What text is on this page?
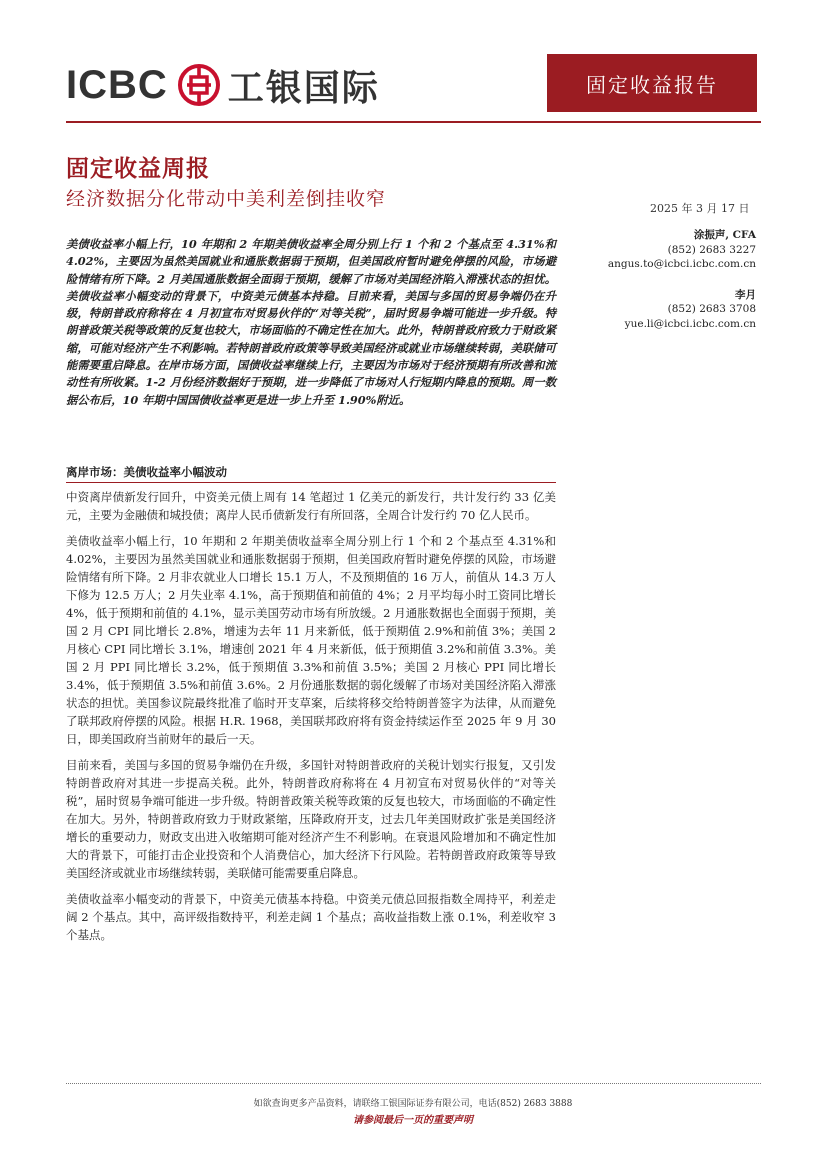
ICBC 工银国际	固定收益报告
固定收益周报
经济数据分化带动中美利差倒挂收窄	2025 年 3 月 17 日
美债收益率小幅上行，10 年期和 2 年期美债收益率全周分别上行 1 个和 2 个基点至 4.31%和 4.02%，主要因为虽然美国就业和通胀数据弱于预期，但美国政府暂时避免停摆的风险，市场避险情绪有所下降。2 月美国通胀数据全面弱于预期，缓解了市场对美国经济陷入滞涨状态的担忧。美债收益率小幅变动的背景下，中资美元债基本持稳。目前来看，美国与多国的贸易争端仍在升级，特朗普政府称将在 4 月初宣布对贸易伙伴的“对等关税”，届时贸易争端可能进一步升级。特朗普政策关税等政策的反复也较大，市场面临的不确定性在加大。此外，特朗普政府致力于财政紧缩，可能对经济产生不利影响。若特朗普政府政策等导致美国经济或就业市场继续转弱，美联储可能需要重启降息。在岸市场方面，国债收益率继续上行，主要因为市场对于经济预期有所改善和流动性有所收紧。1-2 月份经济数据好于预期，进一步降低了市场对人行短期内降息的预期。周一数据公布后，10 年期中国国债收益率更是进一步上升至 1.90%附近。
涂振声, CFA
(852) 2683 3227
angus.to@icbci.icbc.com.cn
李月
(852) 2683 3708
yue.li@icbci.icbc.com.cn
离岸市场：美债收益率小幅波动

中资离岸债新发行回升，中资美元债上周有 14 笔超过 1 亿美元的新发行，共计发行约 33 亿美元，主要为金融债和城投债；离岸人民币债新发行有所回落，全周合计发行约 70 亿人民币。

美债收益率小幅上行，10 年期和 2 年期美债收益率全周分别上行 1 个和 2 个基点至 4.31%和 4.02%，主要因为虽然美国就业和通胀数据弱于预期，但美国政府暂时避免停摆的风险，市场避险情绪有所下降。2 月非农就业人口增长 15.1 万人，不及预期值的 16 万人，前值从 14.3 万人下修为 12.5 万人；2 月失业率 4.1%，高于预期值和前值的 4%；2 月平均每小时工资同比增长 4%，低于预期和前值的 4.1%，显示美国劳动市场有所放缓。2 月通胀数据也全面弱于预期，美国 2 月 CPI 同比增长 2.8%，增速为去年 11 月来新低，低于预期值 2.9%和前值 3%；美国 2 月核心 CPI 同比增长 3.1%，增速创 2021 年 4 月来新低，低于预期值 3.2%和前值 3.3%。美国 2 月 PPI 同比增长 3.2%，低于预期值 3.3%和前值 3.5%；美国 2 月核心 PPI 同比增长 3.4%，低于预期值 3.5%和前值 3.6%。2 月份通胀数据的弱化缓解了市场对美国经济陷入滞涨状态的担忧。美国参议院最终批准了临时开支草案，后续将移交给特朗普签字为法律，从而避免了联邦政府停摆的风险。根据 H.R. 1968，美国联邦政府将有资金持续运作至 2025 年 9 月 30 日，即美国政府当前财年的最后一天。

目前来看，美国与多国的贸易争端仍在升级，多国针对特朗普政府的关税计划实行报复，又引发特朗普政府对其进一步提高关税。此外，特朗普政府称将在 4 月初宣布对贸易伙伴的“对等关税”，届时贸易争端可能进一步升级。特朗普政策关税等政策的反复也较大，市场面临的不确定性在加大。另外，特朗普政府致力于财政紧缩，压降政府开支，过去几年美国财政扩张是美国经济增长的重要动力，财政支出进入收缩期可能对经济产生不利影响。在衰退风险增加和不确定性加大的背景下，可能打击企业投资和个人消费信心，加大经济下行风险。若特朗普政府政策等导致美国经济或就业市场继续转弱，美联储可能需要重启降息。

美债收益率小幅变动的背景下，中资美元债基本持稳。中资美元债总回报指数全周持平，利差走阔 2 个基点。其中，高评级指数持平，利差走阔 1 个基点；高收益指数上涨 0.1%，利差收窄 3 个基点。

如欲查询更多产品资料，请联络工银国际证券有限公司，电话(852) 2683 3888
请参阅最后一页的重要声明
